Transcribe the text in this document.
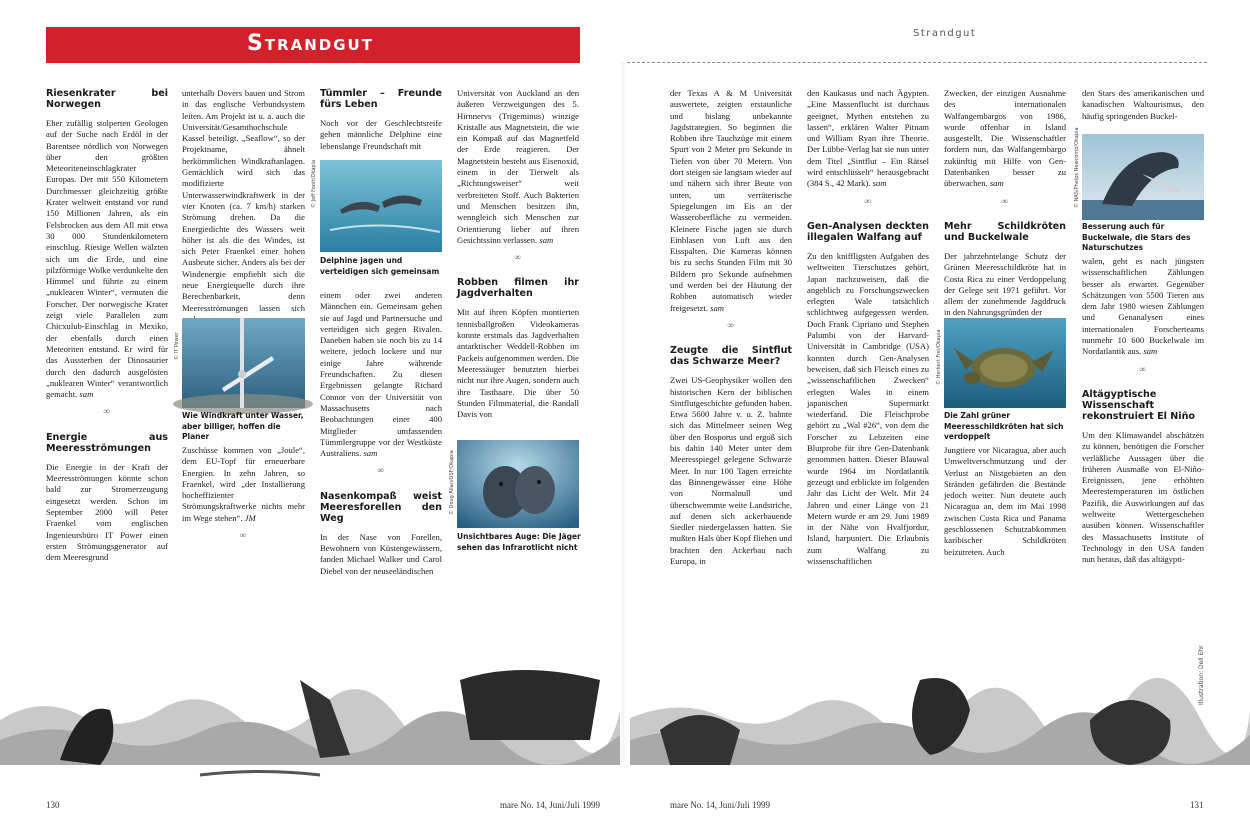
Strandgut	Strandgut
Riesenkrater bei Norwegen

Eher zufällig stolperten Geologen auf der Suche nach Erdöl in der Barentsee nördlich von Norwegen über den größten Meteoriteneinschlagkrater Europas. Der mit 550 Kilometern Durchmesser gleichzeitig größte Krater weltweit entstand vor rund 150 Millionen Jahren, als ein Felsbrocken aus dem All mit etwa 30 000 Stundenkilometern einschlug. Riesige Wellen wälzten sich um die Erde, und eine pilzförmige Wolke verdunkelte den Himmel und führte zu einem „nuklearen Winter“, vermuten die Forscher. Der norwegische Krater zeigt viele Parallelen zum Chicxulub-Einschlag in Mexiko, der ebenfalls durch einen Meteoriten entstand. Er wird für das Aussterben der Dinosaurier durch den dadurch ausgelösten „nuklearen Winter“ verantwortlich gemacht. sam

∞
Energie aus Meeresströmungen

Die Energie in der Kraft der Meeresströmungen könnte schon bald zur Stromerzeugung eingesetzt werden. Schon im September 2000 will Peter Fraenkel vom englischen Ingenieursbüro IT Power einen ersten Strömungsgenerator auf dem Meeresgrund

unterhalb Dovers bauen und Strom in das englische Verbundsystem leiten. Am Projekt ist u. a. auch die Universität/Gesamthochschule Kassel beteiligt. „Seaflow“, so der Projektname, ähnelt herkömmlichen Windkraftanlagen. Gemächlich wird sich das modifizierte Unterwasserwindkraftwerk in der vier Knoten (ca. 7 km/h) starken Strömung drehen. Da die Energiedichte des Wassers weit höher ist als die des Windes, ist sich Peter Fraenkel einer hohen Ausbeute sicher. Anders als bei der Windenergie empfiehlt sich die neue Energiequelle durch ihre Berechenbarkeit, denn Meeresströmungen lassen sich

© IT Power
Wie Windkraft unter Wasser, aber billiger, hoffen die Planer

Zuschüsse kommen von „Joule“, dem EU-Topf für erneuerbare Energien. In zehn Jahren, so Fraenkel, wird „der Installierung hocheffizienter Strömungskraftwerke nichts mehr im Wege stehen“. JM

∞
Tümmler – Freunde fürs Leben

Noch vor der Geschlechtsreife gehen männliche Delphine eine lebenslange Freundschaft mit

© Jeff Foott/Okapia
Delphine jagen und verteidigen sich gemeinsam

einem oder zwei anderen Männchen ein. Gemeinsam gehen sie auf Jagd und Partnersuche und verteidigen sich gegen Rivalen. Daneben haben sie noch bis zu 14 weitere, jedoch lockere und nur einige Jahre währende Freundschaften. Zu diesen Ergebnissen gelangte Richard Connor von der Universität von Massachusetts nach Beobachtungen einer 400 Mitglieder umfassenden Tümmlergruppe vor der Westküste Australiens. sam

∞
Nasenkompaß weist Meeresforellen den Weg

In der Nase von Forellen, Bewohnern von Küstengewässern, fanden Michael Walker und Carol Diebel von der neuseeländischen

Universität von Auckland an den äußeren Verzweigungen des 5. Hirnnervs (Trigeminus) winzige Kristalle aus Magnetstein, die wie ein Kompaß auf das Magnetfeld der Erde reagieren. Der Magnetstein besteht aus Eisenoxid, einem in der Tierwelt als „Richtungsweiser“ weit verbreiteten Stoff. Auch Bakterien und Menschen besitzen ihn, wenngleich sich Menschen zur Orientierung lieber auf ihren Gesichtssinn verlassen. sam

∞
Robben filmen ihr Jagdverhalten

Mit auf ihren Köpfen montierten tennisballgroßen Videokameras konnte erstmals das Jagdverhalten antarktischer Weddell-Robben im Packeis aufgenommen werden. Die Meeressäuger benutzten hierbei nicht nur ihre Augen, sondern auch ihre Tasthaare. Die über 50 Stunden Filmmaterial, die Randall Davis von

© Doug Allan/OSF/Okapia
Unsichtbares Auge: Die Jäger sehen das Infrarotlicht nicht

der Texas A & M Universität auswertete, zeigten erstaunliche und bislang unbekannte Jagdstrategien. So beginnen die Robben ihre Tauchzüge mit einem Spurt von 2 Meter pro Sekunde in Tiefen von über 70 Metern. Von dort steigen sie langsam wieder auf und nähern sich ihrer Beute von unten, um verräterische Spiegelungen im Eis an der Wasseroberfläche zu vermeiden. Kleinere Fische jagen sie durch Einblasen von Luft aus den Eisspalten. Die Kameras können bis zu sechs Stunden Film mit 30 Bildern pro Sekunde aufnehmen und werden bei der Häutung der Robben automatisch wieder freigesetzt. sam

∞
Zeugte die Sintflut das Schwarze Meer?

Zwei US-Geophysiker wollen den historischen Kern der biblischen Sintflutgeschichte gefunden haben. Etwa 5600 Jahre v. u. Z. bahnte sich das Mittelmeer seinen Weg über den Bosporus und ergoß sich bis dahin 140 Meter unter dem Meeresspiegel gelegene Schwarze Meer. In nur 100 Tagen erreichte das Binnengewässer eine Höhe von Normalnull und überschwemmte weite Landstriche, auf denen sich ackerbauende Siedler niedergelassen hatten. Sie mußten Hals über Kopf fliehen und brachten den Ackerbau nach Europa, in

den Kaukasus und nach Ägypten. „Eine Massenflucht ist durchaus geeignet, Mythen entstehen zu lassen“, erklären Walter Pitnam und William Ryan ihre Theorie. Der Lübbe-Verlag hat sie nun unter dem Titel „Sintflut – Ein Rätsel wird entschlüsselt“ herausgebracht (384 S., 42 Mark). sam

∞
Gen-Analysen deckten illegalen Walfang auf

Zu den kniffligsten Aufgaben des weltweiten Tierschutzes gehört, Japan nachzuweisen, daß die angeblich zu Forschungszwecken erlegten Wale tatsächlich schlichtweg aufgegessen werden. Doch Frank Cipriano und Stephen Palumbi von der Harvard-Universität in Cambridge (USA) konnten durch Gen-Analysen beweisen, daß sich Fleisch eines zu „wissenschaftlichen Zwecken“ erlegten Wales in einem japanischen Supermarkt wiederfand. Die Fleischprobe gehört zu „Wal #26“, von dem die Forscher zu Lebzeiten eine Blutprobe für ihre Gen-Datenbank genommen hatten. Dieser Blauwal wurde 1964 im Nordatlantik gezeugt und erblickte im folgenden Jahr das Licht der Welt. Mit 24 Jahren und einer Länge von 21 Metern wurde er am 29. Juni 1989 in der Nähe von Hvalfjordur, Island, harpuniert. Die Erlaubnis zum Walfang zu wissenschaftlichen

Zwecken, der einzigen Ausnahme des internationalen Walfangembargos von 1986, wurde offenbar in Island ausgestellt. Die Wissenschaftler fordern nun, das Walfangembargo zukünftig mit Hilfe von Gen-Datenbanken besser zu überwachen. sam

∞
Mehr Schildkröten und Buckelwale

Der jahrzehntelange Schutz der Grünen Meeresschildkröte hat in Costa Rica zu einer Verdoppelung der Gelege seit 1971 geführt. Vor allem der zunehmende Jagddruck in den Nahrungsgründen der

© Herbert Frei/Okapia
Die Zahl grüner Meeresschildkröten hat sich verdoppelt

Jungtiere vor Nicaragua, aber auch Umweltverschmutzung und der Verlust an Nistgebieten an den Stränden gefährden die Bestände jedoch weiter. Nun deutete auch Nicaragua an, dem im Mai 1998 zwischen Costa Rica und Panama geschlossenen Schutzabkommen karibischer Schildkröten beizutreten. Auch

den Stars des amerikanischen und kanadischen Waltourismus, den häufig springenden Buckel-

© NAS/Phelps Newcomb/Okapia
Besserung auch für Buckelwale, die Stars des Naturschutzes

walen, geht es nach jüngsten wissenschaftlichen Zählungen besser als erwartet. Gegenüber Schätzungen von 5500 Tieren aus dem Jahr 1980 wiesen Zählungen und Genanalysen eines internationalen Forscherteams nunmehr 10 600 Buckelwale im Nordatlantik aus. sam

∞
Altägyptische Wissenschaft rekonstruiert El Niño

Um den Klimawandel abschätzen zu können, benötigen die Forscher verläßliche Aussagen über die früheren Ausmaße von El-Niño-Ereignissen, jene erhöhten Meerestemperaturen im östlichen Pazifik, die Auswirkungen auf das weltweite Wettergeschehen ausüben können. Wissenschaftler des Massachusetts Institute of Technology in den USA fanden nun heraus, daß das altägypti-

Illustration: Dell Ehr
130	mare No. 14, Juni/Juli 1999	mare No. 14, Juni/Juli 1999	131
